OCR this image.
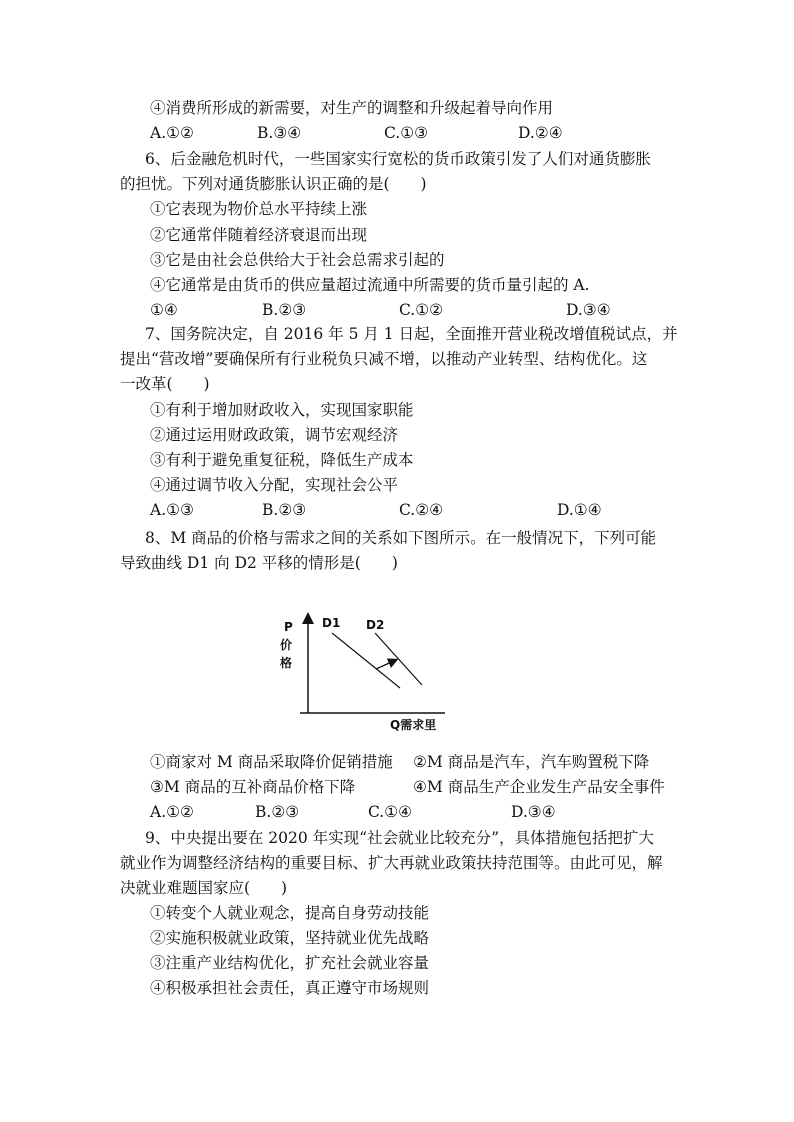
④消费所形成的新需要，对生产的调整和升级起着导向作用
A.①②	B.③④	C.①③	D.②④
6、后金融危机时代，一些国家实行宽松的货币政策引发了人们对通货膨胀
的担忧。下列对通货膨胀认识正确的是(　　)
①它表现为物价总水平持续上涨
②它通常伴随着经济衰退而出现
③它是由社会总供给大于社会总需求引起的
④它通常是由货币的供应量超过流通中所需要的货币量引起的 A.
①④	B.②③	C.①②	D.③④
7、国务院决定，自 2016 年 5 月 1 日起，全面推开营业税改增值税试点，并
提出“营改增”要确保所有行业税负只减不增，以推动产业转型、结构优化。这
一改革(　　)
①有利于增加财政收入，实现国家职能
②通过运用财政政策，调节宏观经济
③有利于避免重复征税，降低生产成本
④通过调节收入分配，实现社会公平
A.①③	B.②③	C.②④	D.①④
8、M 商品的价格与需求之间的关系如下图所示。在一般情况下，下列可能
导致曲线 D1 向 D2 平移的情形是(　　)
P
价
格
Q需求里
D1 D2
①商家对 M 商品采取降价促销措施 ②M 商品是汽车，汽车购置税下降
③M 商品的互补商品价格下降	④M 商品生产企业发生产品安全事件
A.①②	B.②③	C.①④	D.③④
9、中央提出要在 2020 年实现“社会就业比较充分”，具体措施包括把扩大
就业作为调整经济结构的重要目标、扩大再就业政策扶持范围等。由此可见，解
决就业难题国家应(　　)
①转变个人就业观念，提高自身劳动技能
②实施积极就业政策，坚持就业优先战略
③注重产业结构优化，扩充社会就业容量
④积极承担社会责任，真正遵守市场规则
